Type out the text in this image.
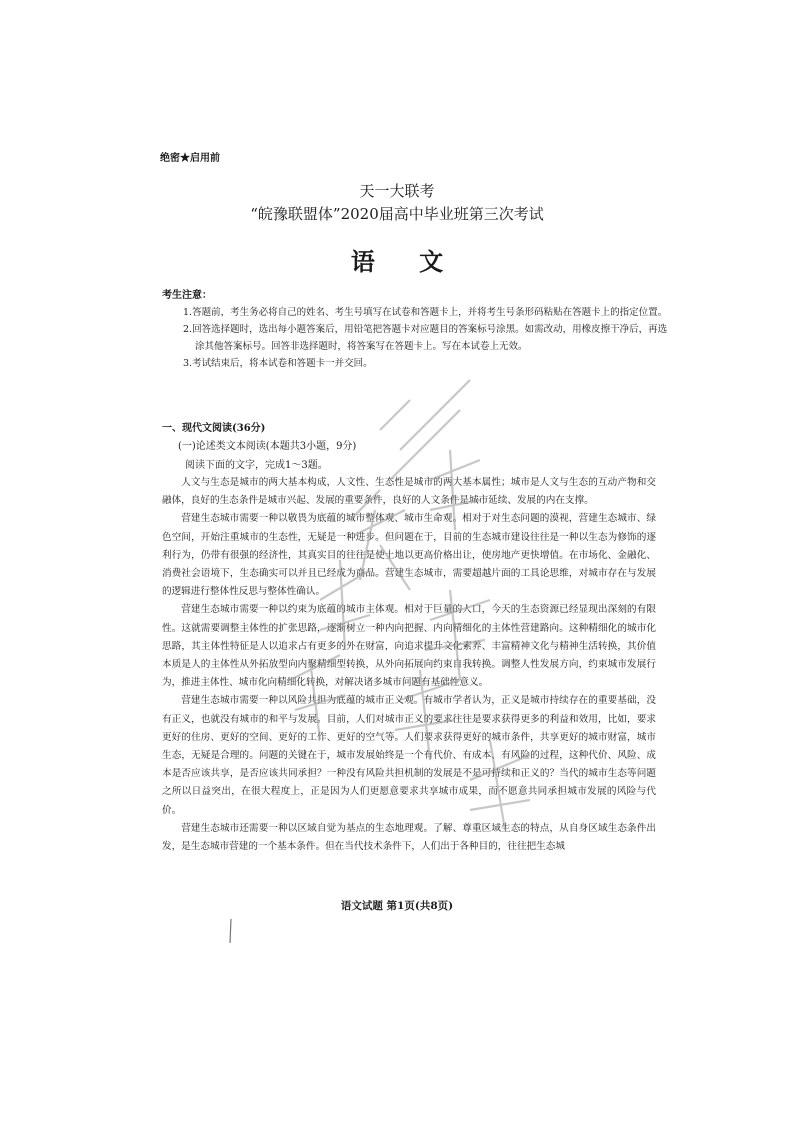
绝密★启用前
天一大联考
“皖豫联盟体”2020届高中毕业班第三次考试
语 文
考生注意：

1.答题前，考生务必将自己的姓名、考生号填写在试卷和答题卡上，并将考生号条形码粘贴在答题卡上的指定位置。

2.回答选择题时，选出每小题答案后，用铅笔把答题卡对应题目的答案标号涂黑。如需改动，用橡皮擦干净后，再选涂其他答案标号。回答非选择题时，将答案写在答题卡上。写在本试卷上无效。

3.考试结束后，将本试卷和答题卡一并交回。

一、现代文阅读(36分)
(一)论述类文本阅读(本题共3小题，9分)
阅读下面的文字，完成1～3题。

人文与生态是城市的两大基本构成，人文性、生态性是城市的两大基本属性；城市是人文与生态的互动产物和交融体，良好的生态条件是城市兴起、发展的重要条件，良好的人文条件是城市延续、发展的内在支撑。

营建生态城市需要一种以敬畏为底蕴的城市整体观、城市生命观。相对于对生态问题的漠视，营建生态城市、绿色空间，开始注重城市的生态性，无疑是一种进步。但问题在于，目前的生态城市建设往往是一种以生态为修饰的逐利行为，仍带有很强的经济性，其真实目的往往是使土地以更高价格出让，使房地产更快增值。在市场化、金融化、消费社会语境下，生态确实可以并且已经成为商品。营建生态城市，需要超越片面的工具论思维，对城市存在与发展的逻辑进行整体性反思与整体性确认。

营建生态城市需要一种以约束为底蕴的城市主体观。相对于巨量的人口，今天的生态资源已经显现出深刻的有限性。这就需要调整主体性的扩张思路，逐渐树立一种内向把握、内向精细化的主体性营建路向。这种精细化的城市化思路，其主体性特征是人以追求占有更多的外在财富，向追求提升文化素养、丰富精神文化与精神生活转换，其价值本质是人的主体性从外拓放型向内聚精细型转换，从外向拓展向约束自我转换。调整人性发展方向，约束城市发展行为，推进主体性、城市化向精细化转换，对解决诸多城市问题有基础性意义。

营建生态城市需要一种以风险共担为底蕴的城市正义观。有城市学者认为，正义是城市持续存在的重要基础，没有正义，也就没有城市的和平与发展。目前，人们对城市正义的要求往往是要求获得更多的利益和效用，比如，要求更好的住房、更好的空间、更好的工作、更好的空气等。人们要求获得更好的城市条件，共享更好的城市财富，城市生态，无疑是合理的。问题的关键在于，城市发展始终是一个有代价、有成本、有风险的过程，这种代价、风险、成本是否应该共享，是否应该共同承担？一种没有风险共担机制的发展是不是可持续和正义的？当代的城市生态等问题之所以日益突出，在很大程度上，正是因为人们更愿意要求共享城市成果，而不愿意共同承担城市发展的风险与代价。

营建生态城市还需要一种以区域自觉为基点的生态地理观。了解、尊重区域生态的特点，从自身区域生态条件出发，是生态城市营建的一个基本条件。但在当代技术条件下，人们出于各种目的，往往把生态城

语文试题 第1页(共8页)
